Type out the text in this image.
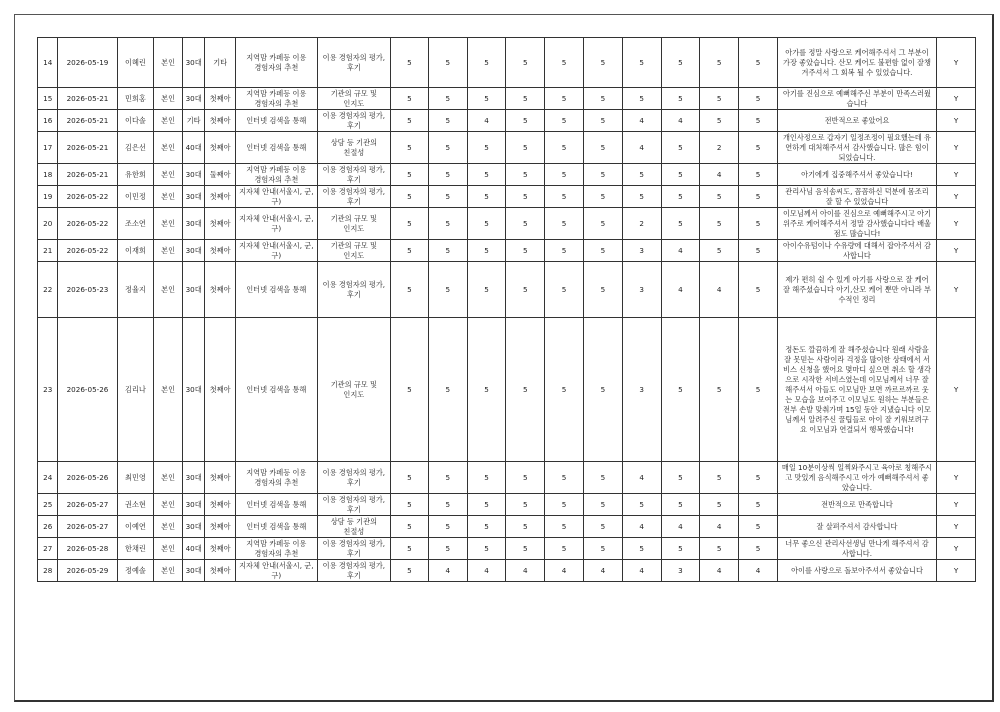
14	2026-05-19	이혜린	본인	30대	기타	지역맘 카페등 이용 경험자의 추천	이용 경험자의 평가, 후기	5	5	5	5	5	5	5	5	5	5	아가를 정말 사랑으로 케어해주셔서 그 부분이 가장 좋았습니다. 산모 케어도 불편함 없이 잘챙겨주셔서 그 회복 될 수 있었습니다.	Y
15	2026-05-21	민희홍	본인	30대	첫째아	지역맘 카페등 이용 경험자의 추천	기관의 규모 및 인지도	5	5	5	5	5	5	5	5	5	5	아기를 진심으로 예뻐해주신 부분이 만족스러웠습니다	Y
16	2026-05-21	이다솔	본인	기타	첫째아	인터넷 검색을 통해	이용 경험자의 평가, 후기	5	5	4	5	5	5	4	4	5	5	전반적으로 좋았어요	Y
17	2026-05-21	김은선	본인	40대	첫째아	인터넷 검색을 통해	상담 등 기관의 친절성	5	5	5	5	5	5	4	5	2	5	개인사정으로 갑자기 일정조정이 필요했는데 유연하게 대처해주셔서 감사했습니다. 많은 힘이 되었습니다.	Y
18	2026-05-21	유한희	본인	30대	둘째아	지역맘 카페등 이용 경험자의 추천	이용 경험자의 평가, 후기	5	5	5	5	5	5	5	5	4	5	아기에게 집중해주셔서 좋았습니다!	Y
19	2026-05-22	이민정	본인	30대	첫째아	지자체 안내(서울시, 군,구)	이용 경험자의 평가, 후기	5	5	5	5	5	5	5	5	5	5	관리사님 음식솜씨도, 꼼꼼하신 덕분에 몸조리 잘 할 수 있었습니다	Y
20	2026-05-22	조소연	본인	30대	첫째아	지자체 안내(서울시, 군,구)	기관의 규모 및 인지도	5	5	5	5	5	5	2	5	5	5	이모님께서 아이를 진심으로 예뻐해주시고 아기위주로 케어해주셔서 정말 감사했습니다다 배울점도 많습니다!	Y
21	2026-05-22	이재희	본인	30대	첫째아	지자체 안내(서울시, 군,구)	기관의 규모 및 인지도	5	5	5	5	5	5	3	4	5	5	아이수유텀이나 수유량에 대해서 잡아주셔서 감사합니다	Y
22	2026-05-23	정율지	본인	30대	첫째아	인터넷 검색을 통해	이용 경험자의 평가, 후기	5	5	5	5	5	5	3	4	4	5	제가 편히 쉴 수 있게 아기를 사랑으로 잘 케어 잘 해주셨습니다 아기,산모 케어 뿐만 아니라 부수적인 정리	Y
23	2026-05-26	김리나	본인	30대	첫째아	인터넷 검색을 통해	기관의 규모 및 인지도	5	5	5	5	5	5	3	5	5	5	정돈도 깔끔하게 잘 해주셨습니다 원래 사람을 잘 못믿는 사람이라 걱정을 많이한 상태에서 서비스 신청을 했어요 몇마디 싶으면 취소 할 생각으로 시작한 서비스였는데 이모님께서 너무 잘해주셔서 아들도 이모님만 보면 까르르까르 웃는 모습을 보여주고 이모님도 원하는 부분들은 전부 손발 맞춰가며 15일 동안 지냈습니다 이모님께서 알려주신 꿀팁들로 아이 잘 키워보려구요 이모님과 연결되서 행복했습니다!	Y
24	2026-05-26	최민영	본인	30대	첫째아	지역맘 카페등 이용 경험자의 추천	이용 경험자의 평가, 후기	5	5	5	5	5	5	4	5	5	5	매일 10분이상씩 일찍와주시고 육아로 칭해주시고 맛있게 음식해주시고 아가 예뻐해주셔서 좋았습니다.	Y
25	2026-05-27	권소현	본인	30대	첫째아	인터넷 검색을 통해	이용 경험자의 평가, 후기	5	5	5	5	5	5	5	5	5	5	전반적으로 만족합니다	Y
26	2026-05-27	이예연	본인	30대	첫째아	인터넷 검색을 통해	상담 등 기관의 친절성	5	5	5	5	5	5	4	4	4	5	잘 살펴주셔서 감사합니다	Y
27	2026-05-28	한채린	본인	40대	첫째아	지역맘 카페등 이용 경험자의 추천	이용 경험자의 평가, 후기	5	5	5	5	5	5	5	5	5	5	너무 좋으신 관리사선생님 만나게 해주셔서 감사합니다.	Y
28	2026-05-29	정예솔	본인	30대	첫째아	지자체 안내(서울시, 군,구)	이용 경험자의 평가, 후기	5	4	4	4	4	4	4	3	4	4	아이를 사랑으로 돌보아주셔서 좋았습니다	Y
